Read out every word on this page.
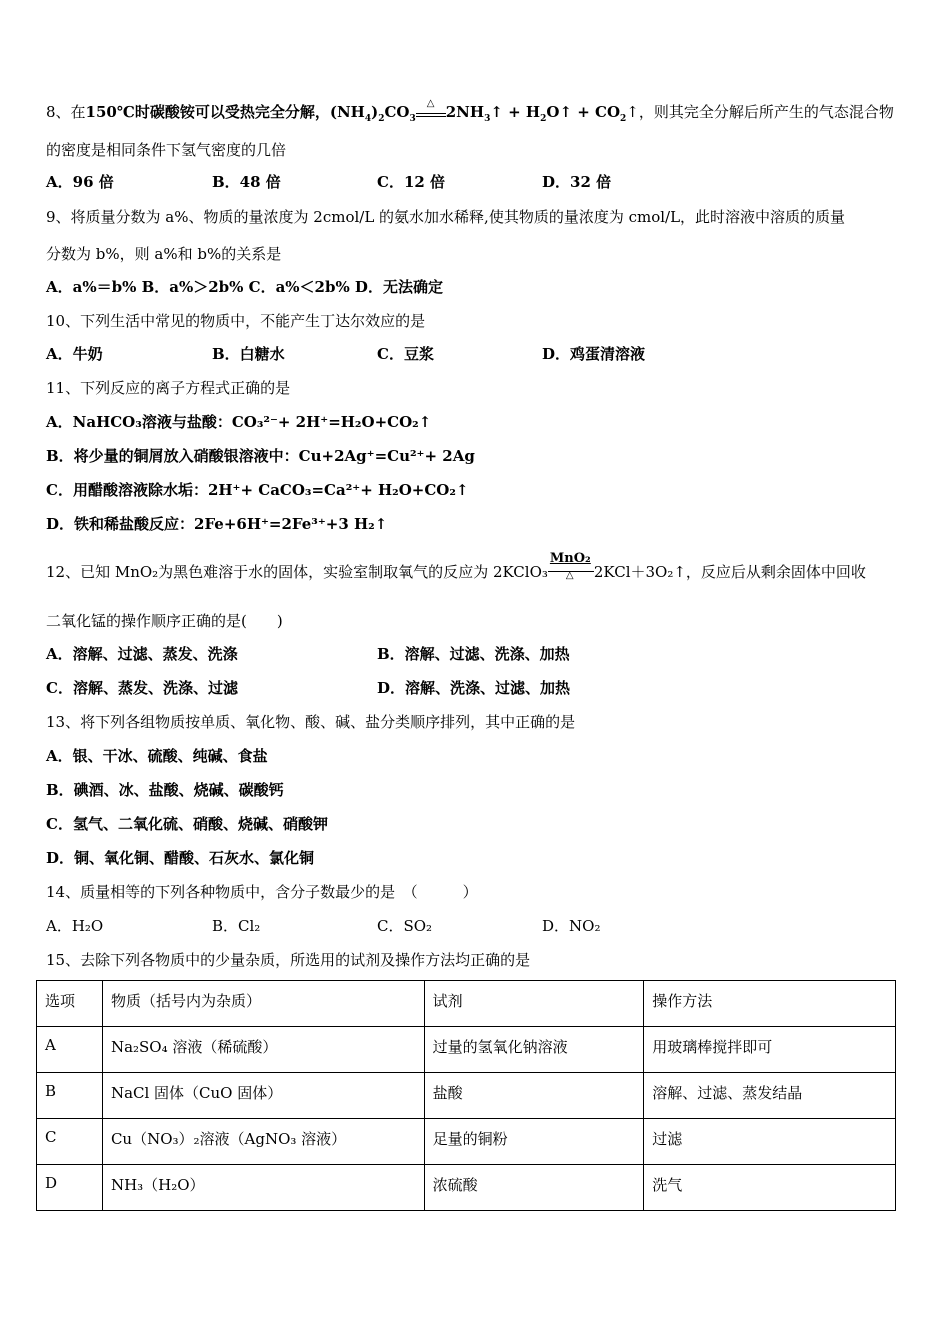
8、在150℃时碳酸铵可以受热完全分解，$(NH_4)_2CO_3$
△ $2NH_3↑$ + $H_2O↑$ + $CO_2↑$，则其完全分解后所产生的气态混合物
的密度是相同条件下氢气密度的几倍
A．96 倍	B．48 倍	C．12 倍	D．32 倍
9、将质量分数为 a%、物质的量浓度为 2cmol/L 的氨水加水稀释,使其物质的量浓度为 cmol/L，此时溶液中溶质的质量
分数为 b%，则 a%和 b%的关系是
A．a%＝b% B．a%＞2b% C．a%＜2b% D．无法确定
10、下列生活中常见的物质中，不能产生丁达尔效应的是
A．牛奶	B．白糖水	C．豆浆	D．鸡蛋清溶液
11、下列反应的离子方程式正确的是
A．NaHCO₃溶液与盐酸：CO₃²⁻+ 2H⁺=H₂O+CO₂↑
B．将少量的铜屑放入硝酸银溶液中：Cu+2Ag⁺=Cu²⁺+ 2Ag
C．用醋酸溶液除水垢：2H⁺+ CaCO₃=Ca²⁺+ H₂O+CO₂↑
D．铁和稀盐酸反应：2Fe+6H⁺=2Fe³⁺+3 H₂↑
12、已知 MnO₂为黑色难溶于水的固体，实验室制取氧气的反应为 2KClO₃
MnO₂
△ 2KCl＋3O₂↑，反应后从剩余固体中回收
二氧化锰的操作顺序正确的是(　　)
A．溶解、过滤、蒸发、洗涤	B．溶解、过滤、洗涤、加热
C．溶解、蒸发、洗涤、过滤	D．溶解、洗涤、过滤、加热
13、将下列各组物质按单质、氧化物、酸、碱、盐分类顺序排列，其中正确的是
A．银、干冰、硫酸、纯碱、食盐
B．碘酒、冰、盐酸、烧碱、碳酸钙
C．氢气、二氧化硫、硝酸、烧碱、硝酸钾
D．铜、氧化铜、醋酸、石灰水、氯化铜
14、质量相等的下列各种物质中，含分子数最少的是　（　　　）
A．H₂O	B．Cl₂	C．SO₂	D．NO₂
15、去除下列各物质中的少量杂质，所选用的试剂及操作方法均正确的是
选项	物质（括号内为杂质）	试剂	操作方法
A	Na₂SO₄ 溶液（稀硫酸）	过量的氢氧化钠溶液	用玻璃棒搅拌即可
B	NaCl 固体（CuO 固体）	盐酸	溶解、过滤、蒸发结晶
C	Cu（NO₃）₂溶液（AgNO₃ 溶液）	足量的铜粉	过滤
D	NH₃（H₂O）	浓硫酸	洗气
